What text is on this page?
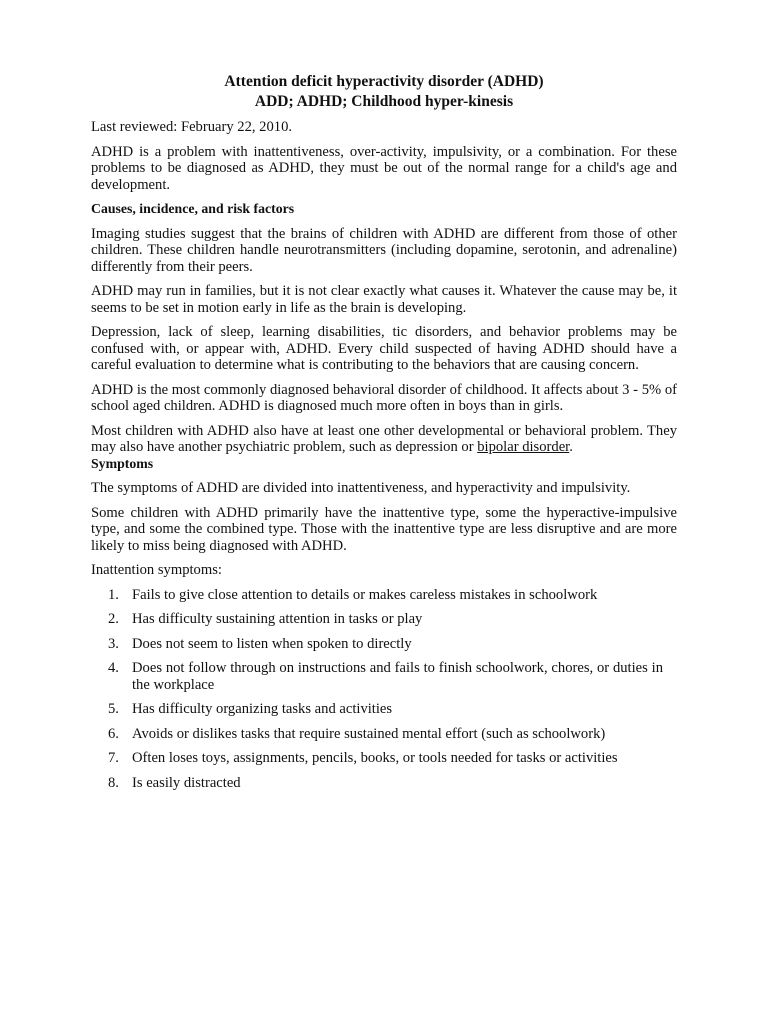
Attention deficit hyperactivity disorder (ADHD)
ADD; ADHD; Childhood hyper-kinesis

Last reviewed: February 22, 2010.

ADHD is a problem with inattentiveness, over-activity, impulsivity, or a combination. For these problems to be diagnosed as ADHD, they must be out of the normal range for a child's age and development.

Causes, incidence, and risk factors

Imaging studies suggest that the brains of children with ADHD are different from those of other children. These children handle neurotransmitters (including dopamine, serotonin, and adrenaline) differently from their peers.

ADHD may run in families, but it is not clear exactly what causes it. Whatever the cause may be, it seems to be set in motion early in life as the brain is developing.

Depression, lack of sleep, learning disabilities, tic disorders, and behavior problems may be confused with, or appear with, ADHD. Every child suspected of having ADHD should have a careful evaluation to determine what is contributing to the behaviors that are causing concern.

ADHD is the most commonly diagnosed behavioral disorder of childhood. It affects about 3 - 5% of school aged children. ADHD is diagnosed much more often in boys than in girls.

Most children with ADHD also have at least one other developmental or behavioral problem. They may also have another psychiatric problem, such as depression or bipolar disorder.

Symptoms

The symptoms of ADHD are divided into inattentiveness, and hyperactivity and impulsivity.

Some children with ADHD primarily have the inattentive type, some the hyperactive-impulsive type, and some the combined type. Those with the inattentive type are less disruptive and are more likely to miss being diagnosed with ADHD.

Inattention symptoms:

1. Fails to give close attention to details or makes careless mistakes in schoolwork
2. Has difficulty sustaining attention in tasks or play
3. Does not seem to listen when spoken to directly
4. Does not follow through on instructions and fails to finish schoolwork, chores, or duties in the workplace
5. Has difficulty organizing tasks and activities
6. Avoids or dislikes tasks that require sustained mental effort (such as schoolwork)
7. Often loses toys, assignments, pencils, books, or tools needed for tasks or activities
8. Is easily distracted
